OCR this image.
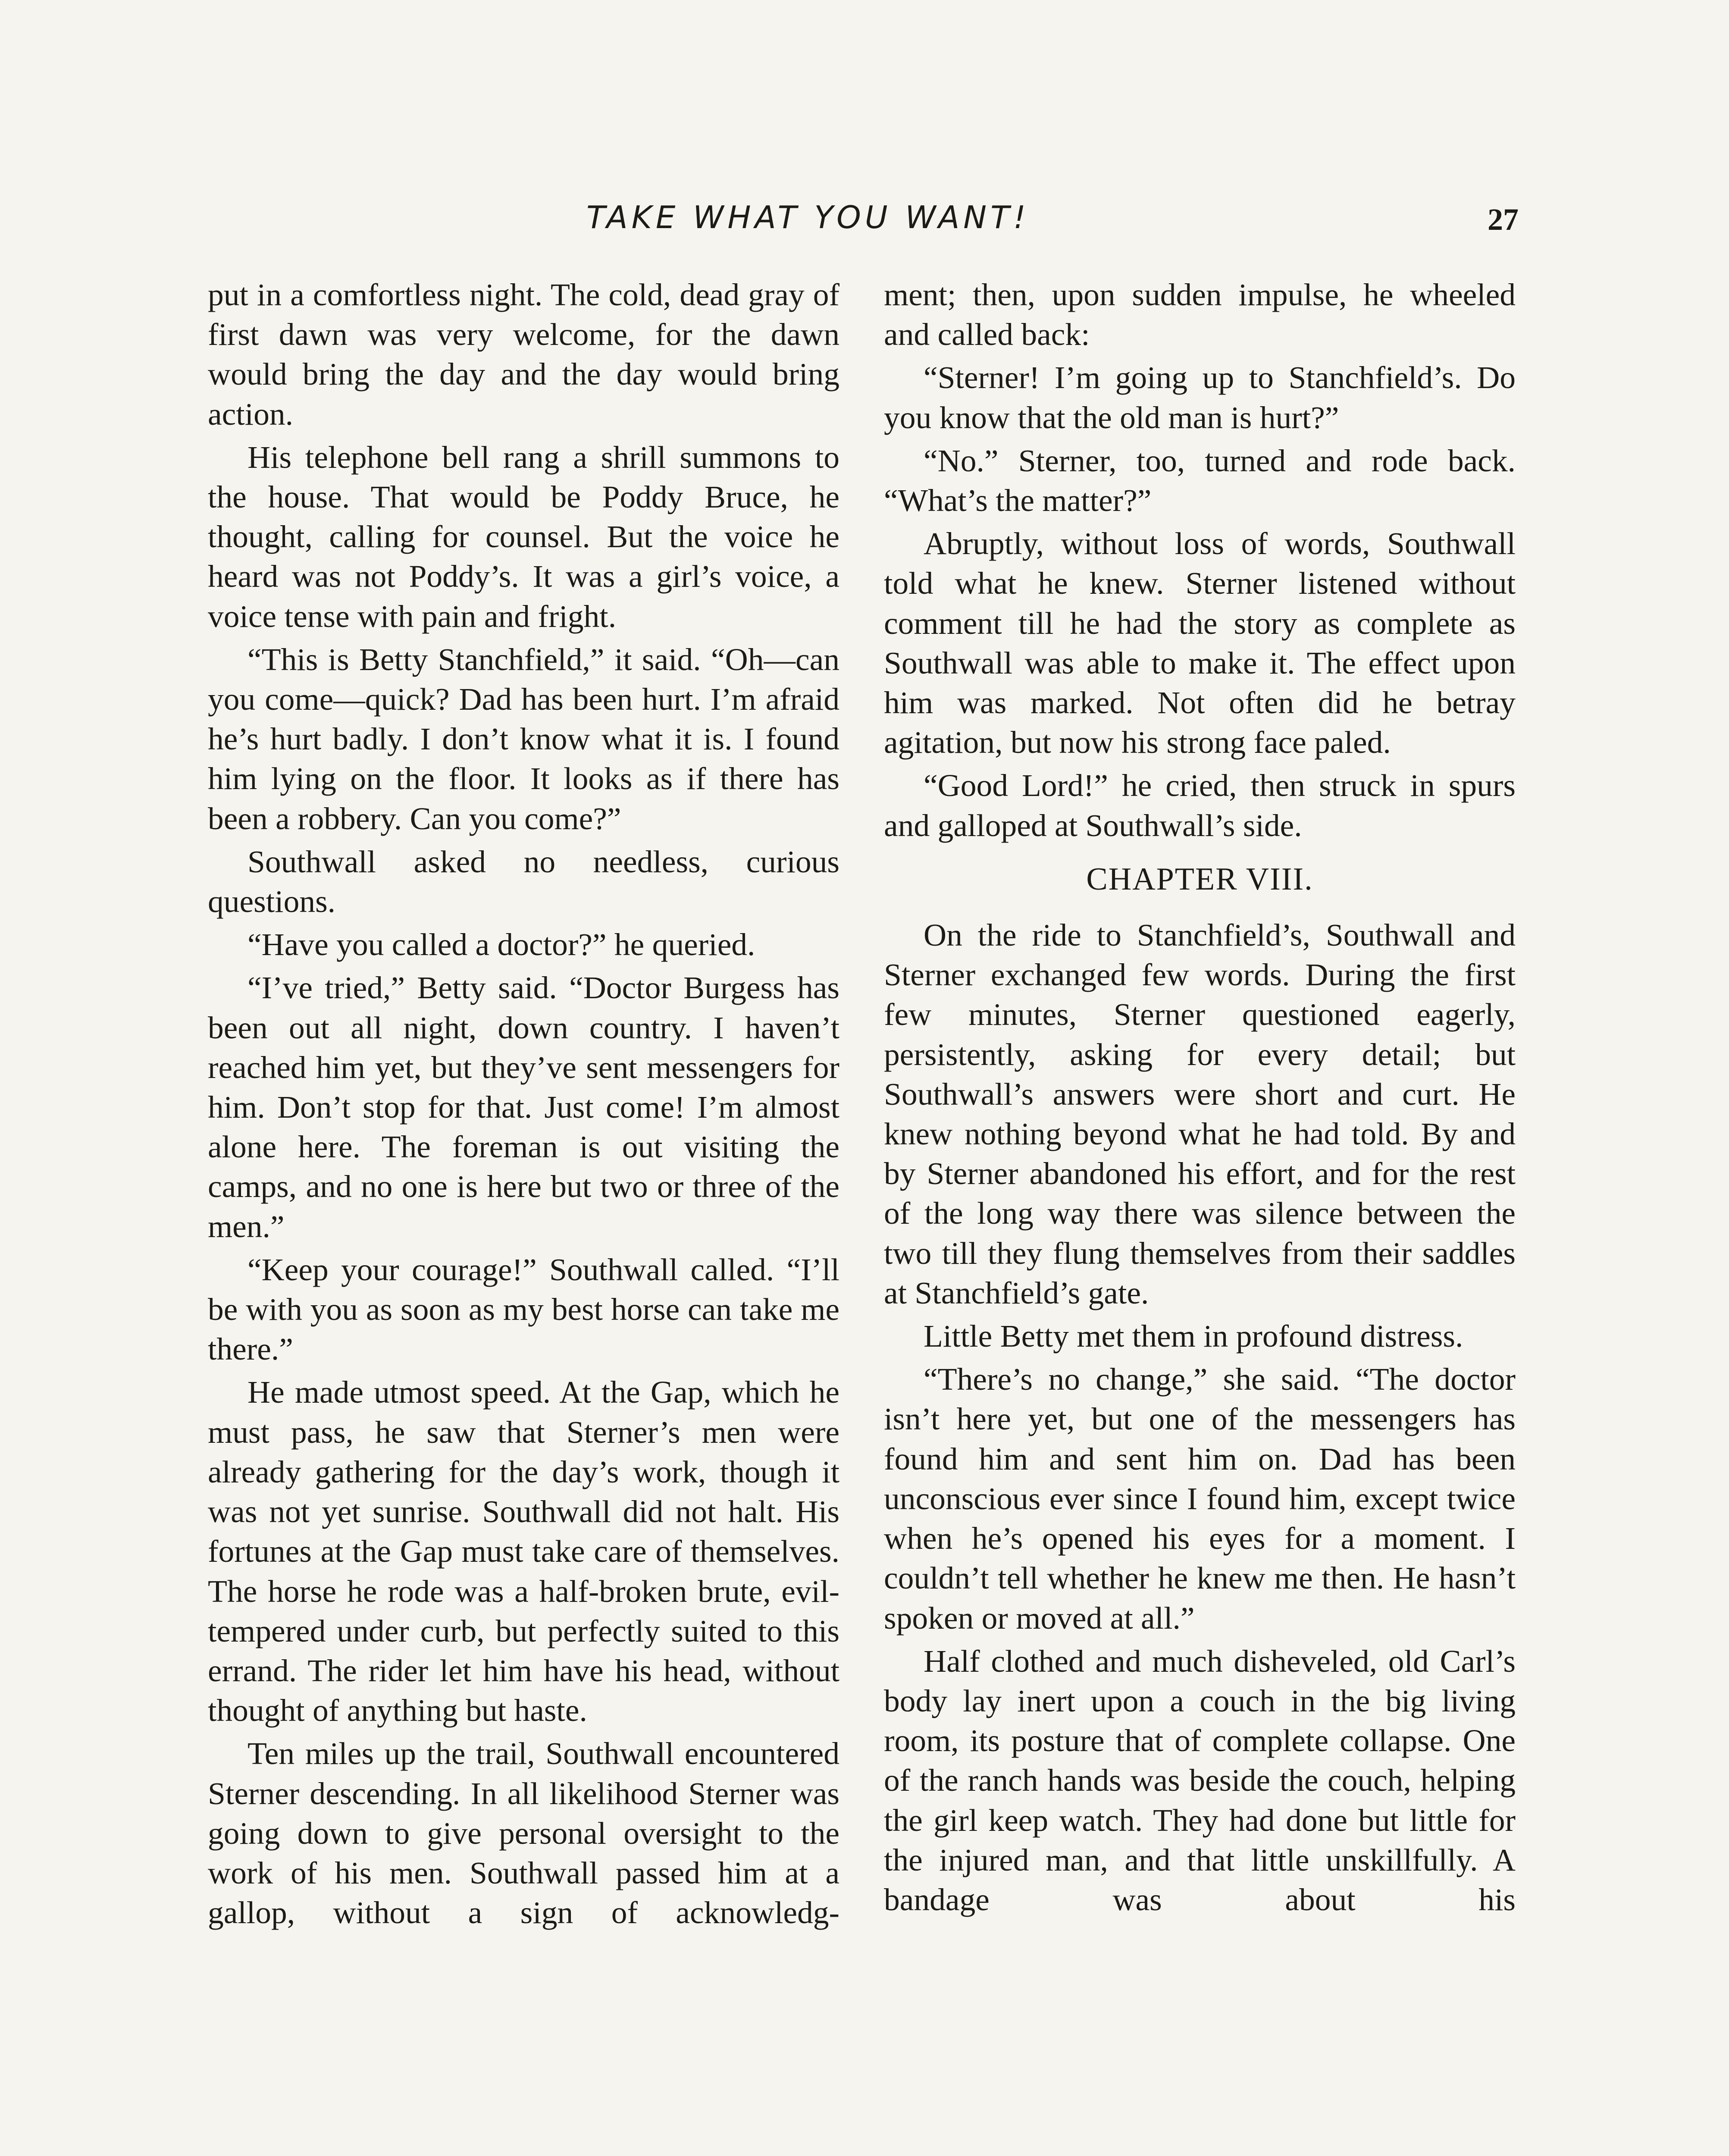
TAKE WHAT YOU WANT!	27

put in a comfortless night. The cold, dead gray of first dawn was very welcome, for the dawn would bring the day and the day would bring action.

His telephone bell rang a shrill summons to the house. That would be Poddy Bruce, he thought, calling for counsel. But the voice he heard was not Poddy’s. It was a girl’s voice, a voice tense with pain and fright.

“This is Betty Stanchfield,” it said. “Oh—can you come—quick? Dad has been hurt. I’m afraid he’s hurt badly. I don’t know what it is. I found him lying on the floor. It looks as if there has been a robbery. Can you come?”

Southwall asked no needless, curious questions.

“Have you called a doctor?” he queried.

“I’ve tried,” Betty said. “Doctor Burgess has been out all night, down country. I haven’t reached him yet, but they’ve sent messengers for him. Don’t stop for that. Just come! I’m almost alone here. The foreman is out visiting the camps, and no one is here but two or three of the men.”

“Keep your courage!” Southwall called. “I’ll be with you as soon as my best horse can take me there.”

He made utmost speed. At the Gap, which he must pass, he saw that Sterner’s men were already gathering for the day’s work, though it was not yet sunrise. Southwall did not halt. His fortunes at the Gap must take care of themselves. The horse he rode was a half-broken brute, evil-tempered under curb, but perfectly suited to this errand. The rider let him have his head, without thought of anything but haste.

Ten miles up the trail, Southwall encountered Sterner descending. In all likelihood Sterner was going down to give personal oversight to the work of his men. Southwall passed him at a gallop, without a sign of acknowledg-

ment; then, upon sudden impulse, he wheeled and called back:

“Sterner! I’m going up to Stanchfield’s. Do you know that the old man is hurt?”

“No.” Sterner, too, turned and rode back. “What’s the matter?”

Abruptly, without loss of words, Southwall told what he knew. Sterner listened without comment till he had the story as complete as Southwall was able to make it. The effect upon him was marked. Not often did he betray agitation, but now his strong face paled.

“Good Lord!” he cried, then struck in spurs and galloped at Southwall’s side.

CHAPTER VIII.

On the ride to Stanchfield’s, Southwall and Sterner exchanged few words. During the first few minutes, Sterner questioned eagerly, persistently, asking for every detail; but Southwall’s answers were short and curt. He knew nothing beyond what he had told. By and by Sterner abandoned his effort, and for the rest of the long way there was silence between the two till they flung themselves from their saddles at Stanchfield’s gate.

Little Betty met them in profound distress.

“There’s no change,” she said. “The doctor isn’t here yet, but one of the messengers has found him and sent him on. Dad has been unconscious ever since I found him, except twice when he’s opened his eyes for a moment. I couldn’t tell whether he knew me then. He hasn’t spoken or moved at all.”

Half clothed and much disheveled, old Carl’s body lay inert upon a couch in the big living room, its posture that of complete collapse. One of the ranch hands was beside the couch, helping the girl keep watch. They had done but little for the injured man, and that little unskillfully. A bandage was about his
